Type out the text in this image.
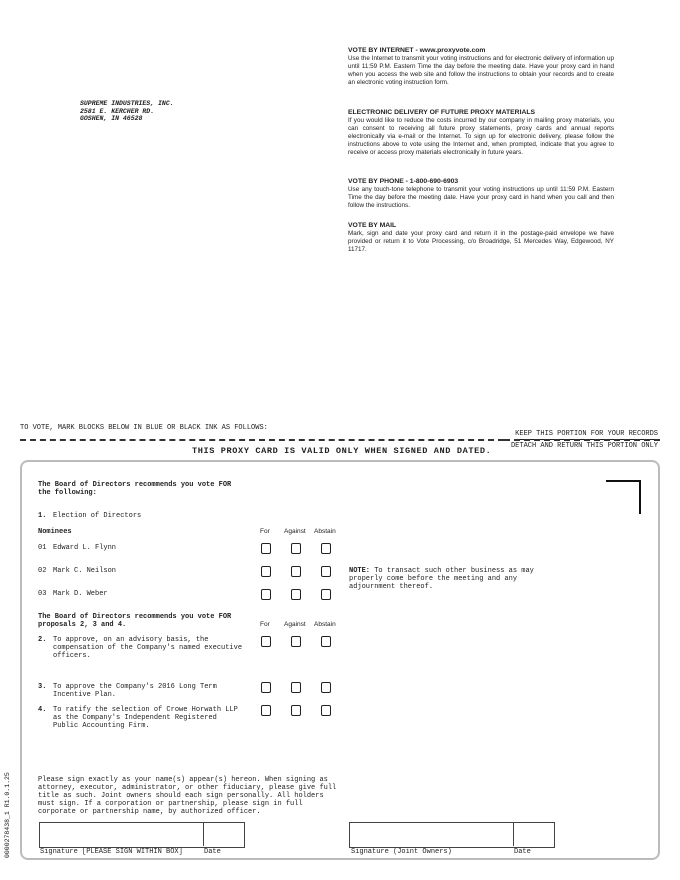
SUPREME INDUSTRIES, INC.
2581 E. KERCHER RD.
GOSHEN, IN 46528
VOTE BY INTERNET - www.proxyvote.com

Use the Internet to transmit your voting instructions and for electronic delivery of information up until 11:59 P.M. Eastern Time the day before the meeting date. Have your proxy card in hand when you access the web site and follow the instructions to obtain your records and to create an electronic voting instruction form.

ELECTRONIC DELIVERY OF FUTURE PROXY MATERIALS

If you would like to reduce the costs incurred by our company in mailing proxy materials, you can consent to receiving all future proxy statements, proxy cards and annual reports electronically via e-mail or the Internet. To sign up for electronic delivery, please follow the instructions above to vote using the Internet and, when prompted, indicate that you agree to receive or access proxy materials electronically in future years.

VOTE BY PHONE - 1-800-690-6903

Use any touch-tone telephone to transmit your voting instructions up until 11:59 P.M. Eastern Time the day before the meeting date. Have your proxy card in hand when you call and then follow the instructions.

VOTE BY MAIL

Mark, sign and date your proxy card and return it in the postage-paid envelope we have provided or return it to Vote Processing, c/o Broadridge, 51 Mercedes Way, Edgewood, NY 11717.

TO VOTE, MARK BLOCKS BELOW IN BLUE OR BLACK INK AS FOLLOWS:
KEEP THIS PORTION FOR YOUR RECORDS
DETACH AND RETURN THIS PORTION ONLY
THIS PROXY CARD IS VALID ONLY WHEN SIGNED AND DATED.
The Board of Directors recommends you vote FOR the following:
1. Election of Directors
Nominees	For Against Abstain
01 Edward L. Flynn
02 Mark C. Neilson
03 Mark D. Weber
NOTE: To transact such other business as may properly come before the meeting and any adjournment thereof.
The Board of Directors recommends you vote FOR proposals 2, 3 and 4.	For Against Abstain
2. To approve, on an advisory basis, the compensation of the Company's named executive officers.
3. To approve the Company's 2016 Long Term Incentive Plan.
4. To ratify the selection of Crowe Horwath LLP as the Company's Independent Registered Public Accounting Firm.
Please sign exactly as your name(s) appear(s) hereon. When signing as attorney, executor, administrator, or other fiduciary, please give full title as such. Joint owners should each sign personally. All holders must sign. If a corporation or partnership, please sign in full corporate or partnership name, by authorized officer.
Signature [PLEASE SIGN WITHIN BOX]	Date	Signature (Joint Owners)	Date
0000278438_1 R1.0.1.25
